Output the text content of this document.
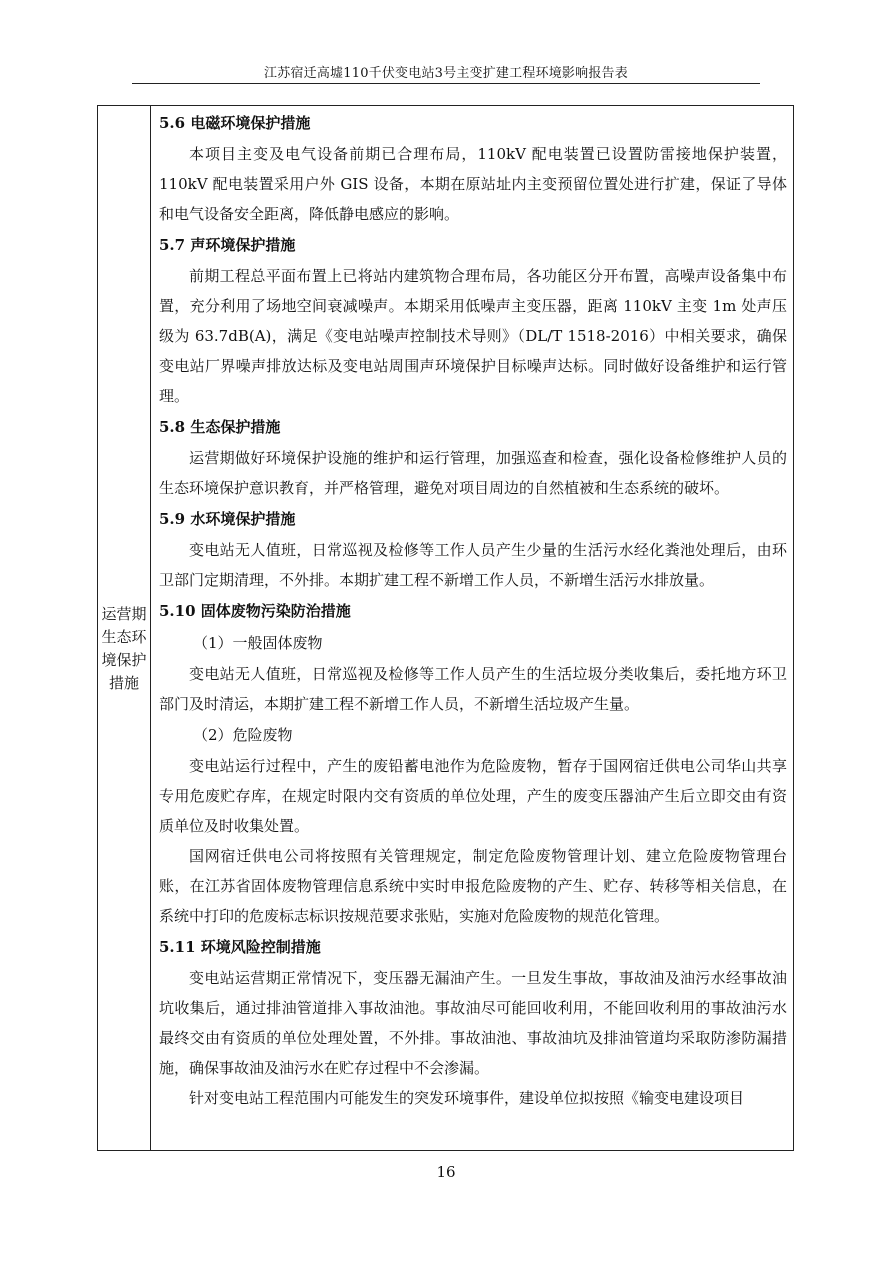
江苏宿迁高墟110千伏变电站3号主变扩建工程环境影响报告表
运营期
生态环
境保护
措施
5.6 电磁环境保护措施
本项目主变及电气设备前期已合理布局，110kV 配电装置已设置防雷接地保护装置，110kV 配电装置采用户外 GIS 设备，本期在原站址内主变预留位置处进行扩建，保证了导体和电气设备安全距离，降低静电感应的影响。
5.7 声环境保护措施
前期工程总平面布置上已将站内建筑物合理布局，各功能区分开布置，高噪声设备集中布置，充分利用了场地空间衰减噪声。本期采用低噪声主变压器，距离 110kV 主变 1m 处声压级为 63.7dB(A)，满足《变电站噪声控制技术导则》（DL/T 1518-2016）中相关要求，确保变电站厂界噪声排放达标及变电站周围声环境保护目标噪声达标。同时做好设备维护和运行管理。
5.8 生态保护措施
运营期做好环境保护设施的维护和运行管理，加强巡查和检查，强化设备检修维护人员的生态环境保护意识教育，并严格管理，避免对项目周边的自然植被和生态系统的破坏。
5.9 水环境保护措施
变电站无人值班，日常巡视及检修等工作人员产生少量的生活污水经化粪池处理后，由环卫部门定期清理，不外排。本期扩建工程不新增工作人员，不新增生活污水排放量。
5.10 固体废物污染防治措施
（1）一般固体废物
变电站无人值班，日常巡视及检修等工作人员产生的生活垃圾分类收集后，委托地方环卫部门及时清运，本期扩建工程不新增工作人员，不新增生活垃圾产生量。
（2）危险废物
变电站运行过程中，产生的废铅蓄电池作为危险废物，暂存于国网宿迁供电公司华山共享专用危废贮存库，在规定时限内交有资质的单位处理，产生的废变压器油产生后立即交由有资质单位及时收集处置。
国网宿迁供电公司将按照有关管理规定，制定危险废物管理计划、建立危险废物管理台账，在江苏省固体废物管理信息系统中实时申报危险废物的产生、贮存、转移等相关信息，在系统中打印的危废标志标识按规范要求张贴，实施对危险废物的规范化管理。
5.11 环境风险控制措施
变电站运营期正常情况下，变压器无漏油产生。一旦发生事故，事故油及油污水经事故油坑收集后，通过排油管道排入事故油池。事故油尽可能回收利用，不能回收利用的事故油污水最终交由有资质的单位处理处置，不外排。事故油池、事故油坑及排油管道均采取防渗防漏措施，确保事故油及油污水在贮存过程中不会渗漏。
针对变电站工程范围内可能发生的突发环境事件，建设单位拟按照《输变电建设项目
16
